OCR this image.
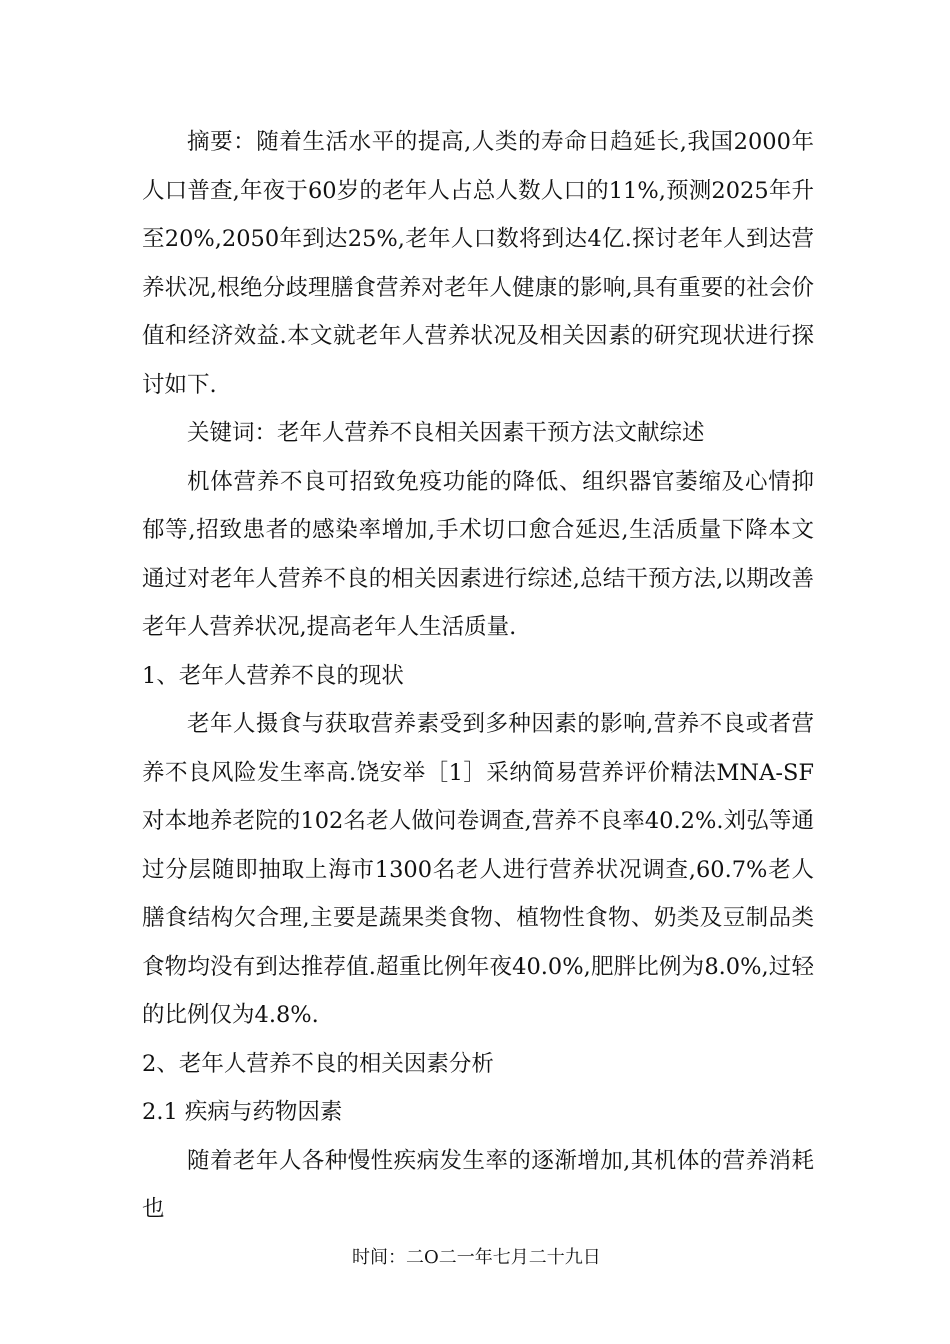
摘要：随着生活水平的提高,人类的寿命日趋延长,我国2000年人口普查,年夜于60岁的老年人占总人数人口的11%,预测2025年升至20%,2050年到达25%,老年人口数将到达4亿.探讨老年人到达营养状况,根绝分歧理膳食营养对老年人健康的影响,具有重要的社会价值和经济效益.本文就老年人营养状况及相关因素的研究现状进行探讨如下.

关键词：老年人营养不良相关因素干预方法文献综述

机体营养不良可招致免疫功能的降低、组织器官萎缩及心情抑郁等,招致患者的感染率增加,手术切口愈合延迟,生活质量下降本文通过对老年人营养不良的相关因素进行综述,总结干预方法,以期改善老年人营养状况,提高老年人生活质量.

1、老年人营养不良的现状

老年人摄食与获取营养素受到多种因素的影响,营养不良或者营养不良风险发生率高.饶安举［1］采纳简易营养评价精法MNA-SF对本地养老院的102名老人做问卷调查,营养不良率40.2%.刘弘等通过分层随即抽取上海市1300名老人进行营养状况调查,60.7%老人膳食结构欠合理,主要是蔬果类食物、植物性食物、奶类及豆制品类食物均没有到达推荐值.超重比例年夜40.0%,肥胖比例为8.0%,过轻的比例仅为4.8%.

2、老年人营养不良的相关因素分析

2.1 疾病与药物因素

随着老年人各种慢性疾病发生率的逐渐增加,其机体的营养消耗也

时间：二O二一年七月二十九日
